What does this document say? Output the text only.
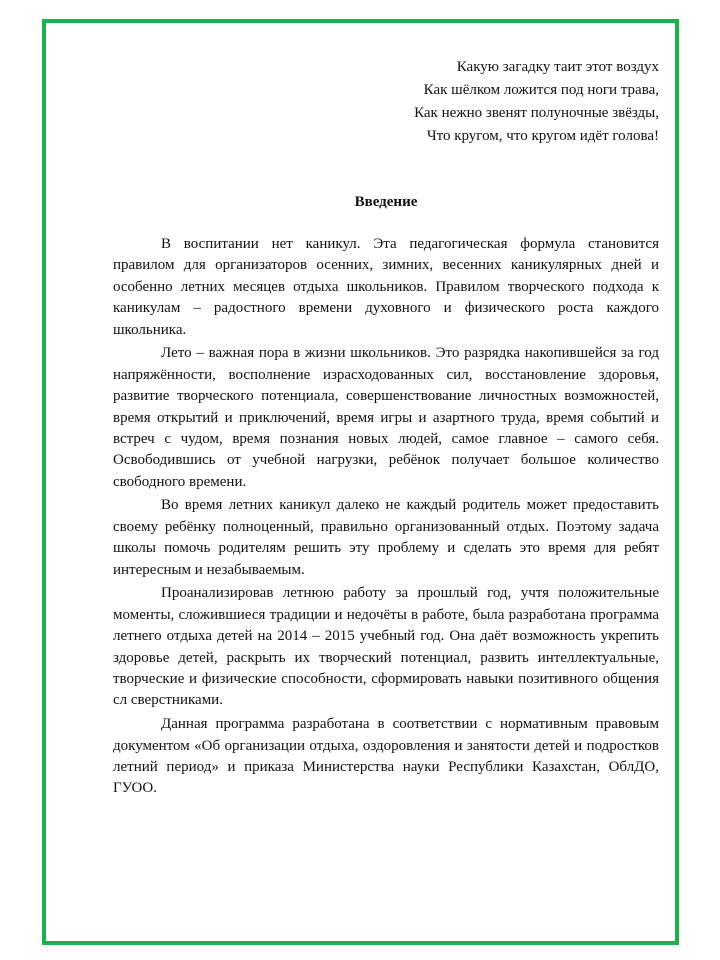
Какую загадку таит этот воздух
Как шёлком ложится под ноги трава,
Как нежно звенят полуночные звёзды,
Что кругом, что кругом идёт голова!
Введение

В воспитании нет каникул. Эта педагогическая формула становится правилом для организаторов осенних, зимних, весенних каникулярных дней и особенно летних месяцев отдыха школьников. Правилом творческого подхода к каникулам – радостного времени духовного и физического роста каждого школьника.

Лето – важная пора в жизни школьников. Это разрядка накопившейся за год напряжённости, восполнение израсходованных сил, восстановление здоровья, развитие творческого потенциала, совершенствование личностных возможностей, время открытий и приключений, время игры и азартного труда, время событий и встреч с чудом, время познания новых людей, самое главное – самого себя. Освободившись от учебной нагрузки, ребёнок получает большое количество свободного времени.

Во время летних каникул далеко не каждый родитель может предоставить своему ребёнку полноценный, правильно организованный отдых. Поэтому задача школы помочь родителям решить эту проблему и сделать это время для ребят интересным и незабываемым.

Проанализировав летнюю работу за прошлый год, учтя положительные моменты, сложившиеся традиции и недочёты в работе, была разработана программа летнего отдыха детей на 2014 – 2015 учебный год. Она даёт возможность укрепить здоровье детей, раскрыть их творческий потенциал, развить интеллектуальные, творческие и физические способности, сформировать навыки позитивного общения сл сверстниками.

Данная программа разработана в соответствии с нормативным правовым документом «Об организации отдыха, оздоровления и занятости детей и подростков летний период» и приказа Министерства науки Республики Казахстан, ОблДО, ГУОО.
